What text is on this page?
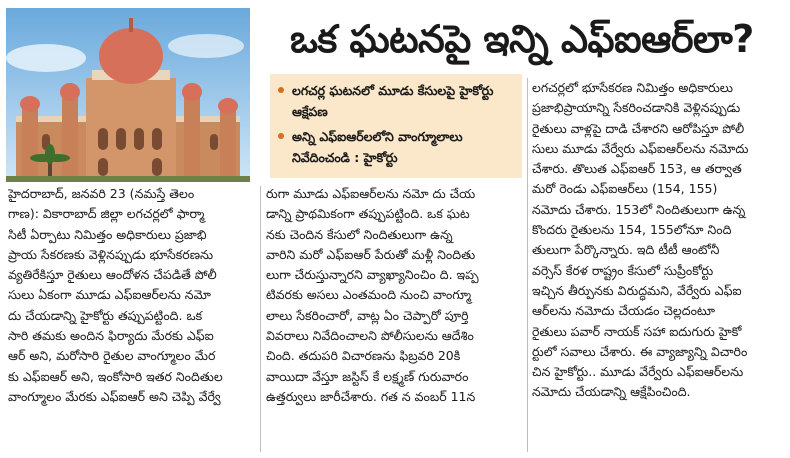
ఒక ఘటనపై ఇన్ని ఎఫ్‌ఐఆర్‌లా?
లగచర్ల ఘటనలో మూడు కేసులపై హైకోర్టు ఆక్షేపణ
అన్ని ఎఫ్‌ఐఆర్‌లలోని వాంగ్మూలాలు నివేదించండి : హైకోర్టు
హైదరాబాద్, జనవరి 23 (నమస్తే తెలం
గాణ): వికారాబాద్ జిల్లా లగచర్లలో ఫార్మా
సిటీ ఏర్పాటు నిమిత్తం అధికారులు ప్రజాభి
ప్రాయ సేకరణకు వెళ్లినప్పుడు భూసేకరణను
వ్యతిరేకిస్తూ రైతులు ఆందోళన చేపడితే పోలీ
సులు ఏకంగా మూడు ఎఫ్‌ఐఆర్‌లను నమో
దు చేయడాన్ని హైకోర్టు తప్పుపట్టింది. ఒక
సారి తమకు అందిన ఫిర్యాదు మేరకు ఎఫ్‌ఐ
ఆర్ అని, మరోసారి రైతుల వాంగ్మూలం మేర
కు ఎఫ్‌ఐఆర్ అని, ఇంకోసారి ఇతర నిందితుల
వాంగ్మూలం మేరకు ఎఫ్‌ఐఆర్ అని చెప్పి వేర్వే
రుగా మూడు ఎఫ్‌ఐఆర్‌లను నమో దు చేయ
డాన్ని ప్రాథమికంగా తప్పుపట్టింది. ఒక ఘట
నకు చెందిన కేసులో నిందితులుగా ఉన్న
వారిని మరో ఎఫ్‌ఐఆర్ పేరుతో మళ్లీ నిందితు
లుగా చేరుస్తున్నారని వ్యాఖ్యానించిం ది. ఇప్ప
టివరకు అసలు ఎంతమంది నుంచి వాంగ్మూ
లాలు సేకరించారో, వాట్ల ఏం చెప్పారో పూర్తి
వివరాలు నివేదించాలని పోలీసులను ఆదేశిం
చింది. తదుపరి విచారణను ఫిబ్రవరి 20కి
వాయిదా వేస్తూ జస్టిస్ కే లక్ష్మణ్ గురువారం
ఉత్తర్వులు జారీచేశారు. గత న వంబర్ 11న
లగచర్లలో భూసేకరణ నిమిత్తం అధికారులు
ప్రజాభిప్రాయాన్ని సేకరించడానికి వెళ్లినప్పుడు
రైతులు వాళ్లపై దాడి చేశారని ఆరోపిస్తూ పోలీ
సులు మూడు వేర్వేరు ఎఫ్‌ఐఆర్‌లను నమోదు
చేశారు. తొలుత ఎఫ్‌ఐఆర్ 153, ఆ తర్వాత
మరో రెండు ఎఫ్‌ఐఆర్‌లు (154, 155)
నమోదు చేశారు. 153లో నిందితులుగా ఉన్న
కొందరు రైతులను 154, 155లోనూ నింది
తులుగా పేర్కొన్నారు. ఇది టీటీ ఆంటోనీ
వర్సెస్ కేరళ రాష్ట్రం కేసులో సుప్రీంకోర్టు
ఇచ్చిన తీర్పునకు విరుద్ధమని, వేర్వేరు ఎఫ్‌ఐ
ఆర్‌లను నమోదు చేయడం చెల్లదంటూ
రైతులు పవార్ నాయక్ సహా ఐదుగురు హైకో
ర్టులో సవాలు చేశారు. ఈ వ్యాజ్యాన్ని విచారిం
చిన హైకోర్టు.. మూడు వేర్వేరు ఎఫ్‌ఐఆర్‌లను
నమోదు చేయడాన్ని ఆక్షేపించింది.
